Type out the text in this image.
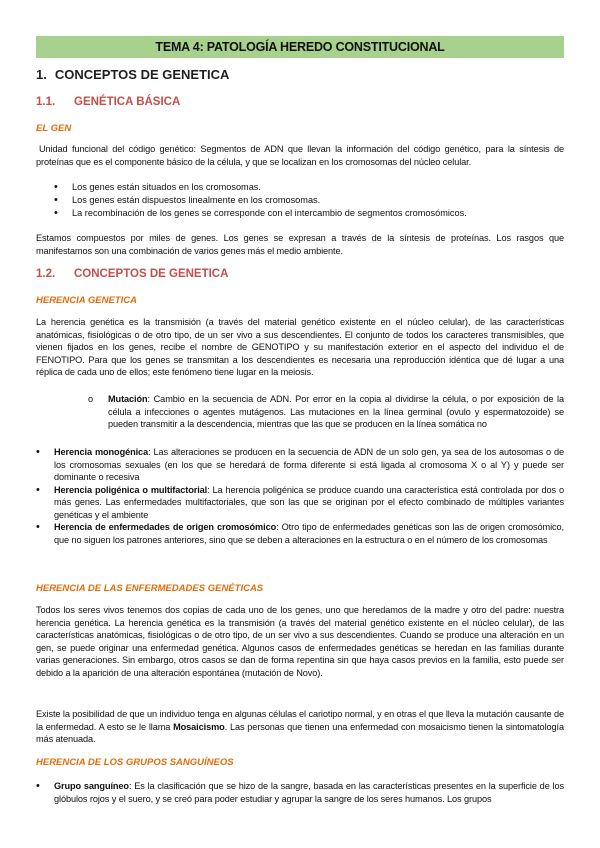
TEMA 4: PATOLOGÍA HEREDO CONSTITUCIONAL
1. CONCEPTOS DE GENETICA
1.1. GENÉTICA BÁSICA
EL GEN
Unidad funcional del código genético: Segmentos de ADN que llevan la información del código genético, para la síntesis de proteínas que es el componente básico de la célula, y que se localizan en los cromosomas del núcleo celular.
• Los genes están situados en los cromosomas.
• Los genes están dispuestos linealmente en los cromosomas.
• La recombinación de los genes se corresponde con el intercambio de segmentos cromosómicos.
Estamos compuestos por miles de genes. Los genes se expresan a través de la síntesis de proteínas. Los rasgos que manifestamos son una combinación de varios genes más el medio ambiente.
1.2. CONCEPTOS DE GENETICA
HERENCIA GENETICA
La herencia genética es la transmisión (a través del material genético existente en el núcleo celular), de las características anatómicas, fisiológicas o de otro tipo, de un ser vivo a sus descendientes. El conjunto de todos los caracteres transmisibles, que vienen fijados en los genes, recibe el nombre de GENOTIPO y su manifestación exterior en el aspecto del individuo el de FENOTIPO. Para que los genes se transmitan a los descendientes es necesaria una reproducción idéntica que dé lugar a una réplica de cada uno de ellos; este fenómeno tiene lugar en la meiosis.
o Mutación: Cambio en la secuencia de ADN. Por error en la copia al dividirse la célula, o por exposición de la célula a infecciones o agentes mutágenos. Las mutaciones en la línea germinal (ovulo y espermatozoide) se pueden transmitir a la descendencia, mientras que las que se producen en la línea somática no
• Herencia monogénica: Las alteraciones se producen en la secuencia de ADN de un solo gen, ya sea de los autosomas o de los cromosomas sexuales (en los que se heredará de forma diferente si está ligada al cromosoma X o al Y) y puede ser dominante o recesiva
• Herencia poligénica o multifactorial: La herencia poligénica se produce cuando una característica está controlada por dos o más genes. Las enfermedades multifactoriales, que son las que se originan por el efecto combinado de múltiples variantes genéticas y el ambiente
• Herencia de enfermedades de origen cromosómico: Otro tipo de enfermedades genéticas son las de origen cromosómico, que no siguen los patrones anteriores, sino que se deben a alteraciones en la estructura o en el número de los cromosomas
HERENCIA DE LAS ENFERMEDADES GENÉTICAS
Todos los seres vivos tenemos dos copias de cada uno de los genes, uno que heredamos de la madre y otro del padre: nuestra herencia genética. La herencia genética es la transmisión (a través del material genético existente en el núcleo celular), de las características anatómicas, fisiológicas o de otro tipo, de un ser vivo a sus descendientes. Cuando se produce una alteración en un gen, se puede originar una enfermedad genética. Algunos casos de enfermedades genéticas se heredan en las familias durante varias generaciones. Sin embargo, otros casos se dan de forma repentina sin que haya casos previos en la familia, esto puede ser debido a la aparición de una alteración espontánea (mutación de Novo).
Existe la posibilidad de que un individuo tenga en algunas células el cariotipo normal, y en otras el que lleva la mutación causante de la enfermedad. A esto se le llama Mosaicismo. Las personas que tienen una enfermedad con mosaicismo tienen la sintomatología más atenuada.
HERENCIA DE LOS GRUPOS SANGUÍNEOS
• Grupo sanguíneo: Es la clasificación que se hizo de la sangre, basada en las características presentes en la superficie de los glóbulos rojos y el suero, y se creó para poder estudiar y agrupar la sangre de los seres humanos. Los grupos
